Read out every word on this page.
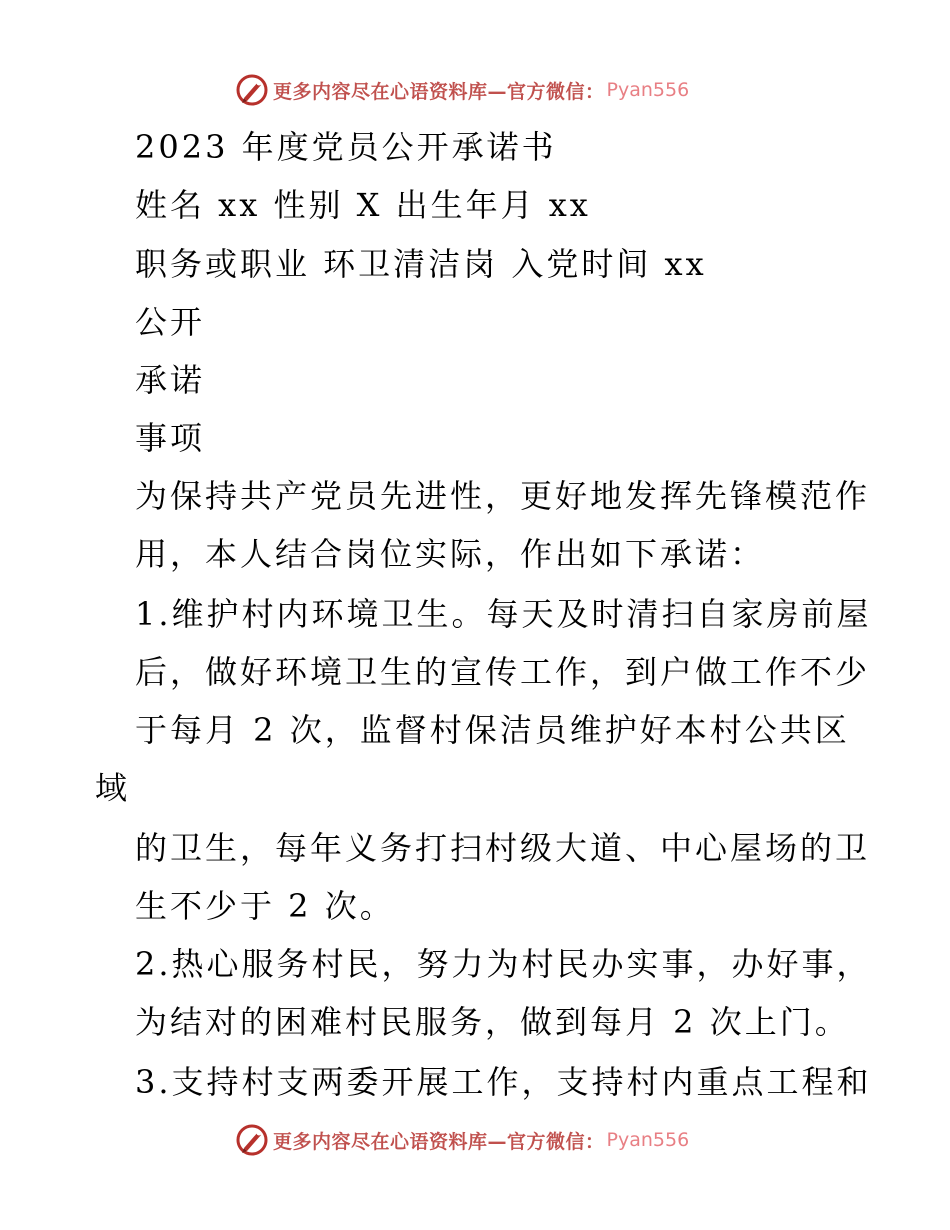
更多内容尽在心语资料库—官方微信： Pyan556
2023 年度党员公开承诺书
姓名 xx 性别 X 出生年月 xx
职务或职业 环卫清洁岗 入党时间 xx
公开
承诺
事项
为保持共产党员先进性，更好地发挥先锋模范作
用，本人结合岗位实际，作出如下承诺：
1.维护村内环境卫生。每天及时清扫自家房前屋
后，做好环境卫生的宣传工作，到户做工作不少
于每月 2 次，监督村保洁员维护好本村公共区
域
的卫生，每年义务打扫村级大道、中心屋场的卫
生不少于 2 次。
2.热心服务村民，努力为村民办实事，办好事，
为结对的困难村民服务，做到每月 2 次上门。
3.支持村支两委开展工作，支持村内重点工程和
更多内容尽在心语资料库—官方微信： Pyan556
